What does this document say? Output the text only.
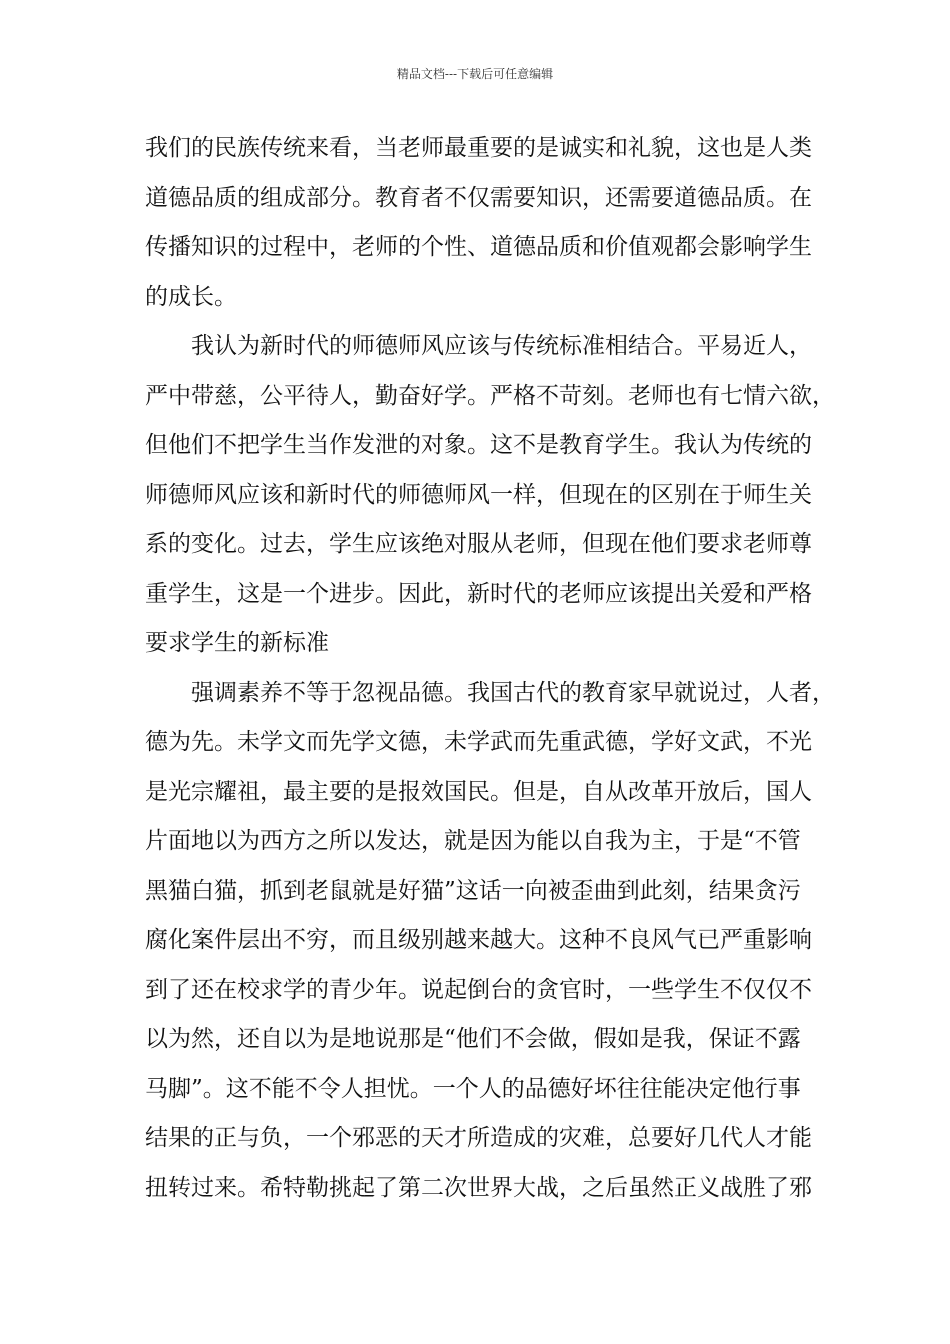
精品文档---下载后可任意编辑
我们的民族传统来看，当老师最重要的是诚实和礼貌，这也是人类
道德品质的组成部分。教育者不仅需要知识，还需要道德品质。在
传播知识的过程中，老师的个性、道德品质和价值观都会影响学生
的成长。
　　我认为新时代的师德师风应该与传统标准相结合。平易近人，
严中带慈，公平待人，勤奋好学。严格不苛刻。老师也有七情六欲，
但他们不把学生当作发泄的对象。这不是教育学生。我认为传统的
师德师风应该和新时代的师德师风一样，但现在的区别在于师生关
系的变化。过去，学生应该绝对服从老师，但现在他们要求老师尊
重学生，这是一个进步。因此，新时代的老师应该提出关爱和严格
要求学生的新标准
　　强调素养不等于忽视品德。我国古代的教育家早就说过，人者，
德为先。未学文而先学文德，未学武而先重武德，学好文武，不光
是光宗耀祖，最主要的是报效国民。但是，自从改革开放后，国人
片面地以为西方之所以发达，就是因为能以自我为主，于是“不管
黑猫白猫，抓到老鼠就是好猫”这话一向被歪曲到此刻，结果贪污
腐化案件层出不穷，而且级别越来越大。这种不良风气已严重影响
到了还在校求学的青少年。说起倒台的贪官时，一些学生不仅仅不
以为然，还自以为是地说那是“他们不会做，假如是我，保证不露
马脚”。这不能不令人担忧。一个人的品德好坏往往能决定他行事
结果的正与负，一个邪恶的天才所造成的灾难，总要好几代人才能
扭转过来。希特勒挑起了第二次世界大战，之后虽然正义战胜了邪
